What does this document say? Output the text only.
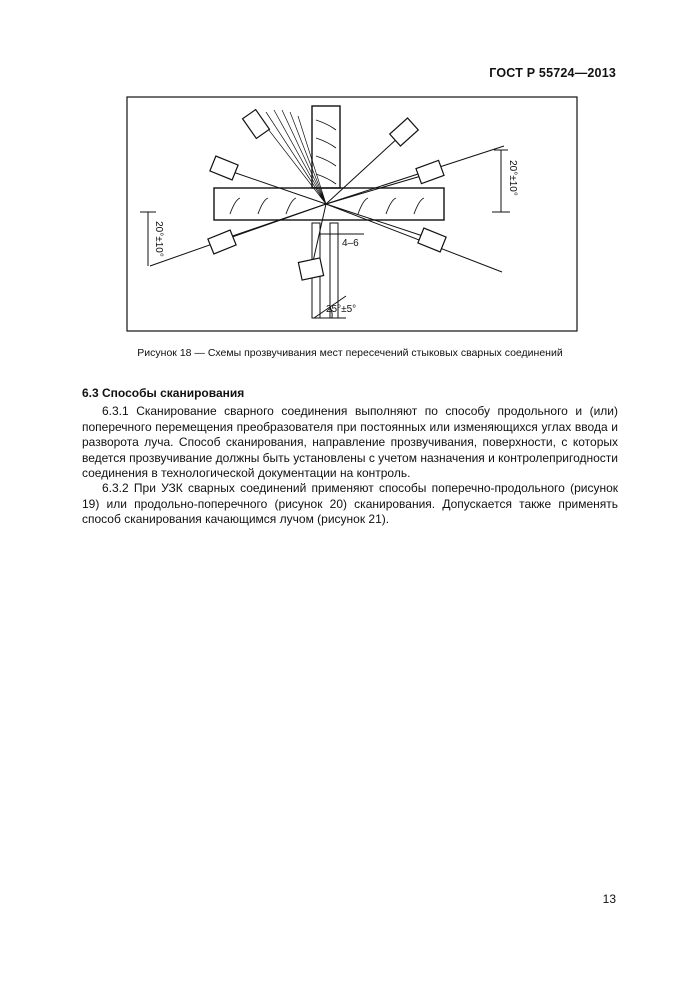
ГОСТ Р 55724—2013
20°±10°
20°±10°	4–6
25°±5°
Рисунок 18 — Схемы прозвучивания мест пересечений стыковых сварных соединений
6.3 Способы сканирования
6.3.1 Сканирование сварного соединения выполняют по способу продольного и (или) поперечного перемещения преобразователя при постоянных или изменяющихся углах ввода и разворота луча. Способ сканирования, направление прозвучивания, поверхности, с которых ведется прозвучивание должны быть установлены с учетом назначения и контролепригодности соединения в технологической документации на контроль.
6.3.2 При УЗК сварных соединений применяют способы поперечно-продольного (рисунок 19) или продольно-поперечного (рисунок 20) сканирования. Допускается также применять способ сканирования качающимся лучом (рисунок 21).
13
